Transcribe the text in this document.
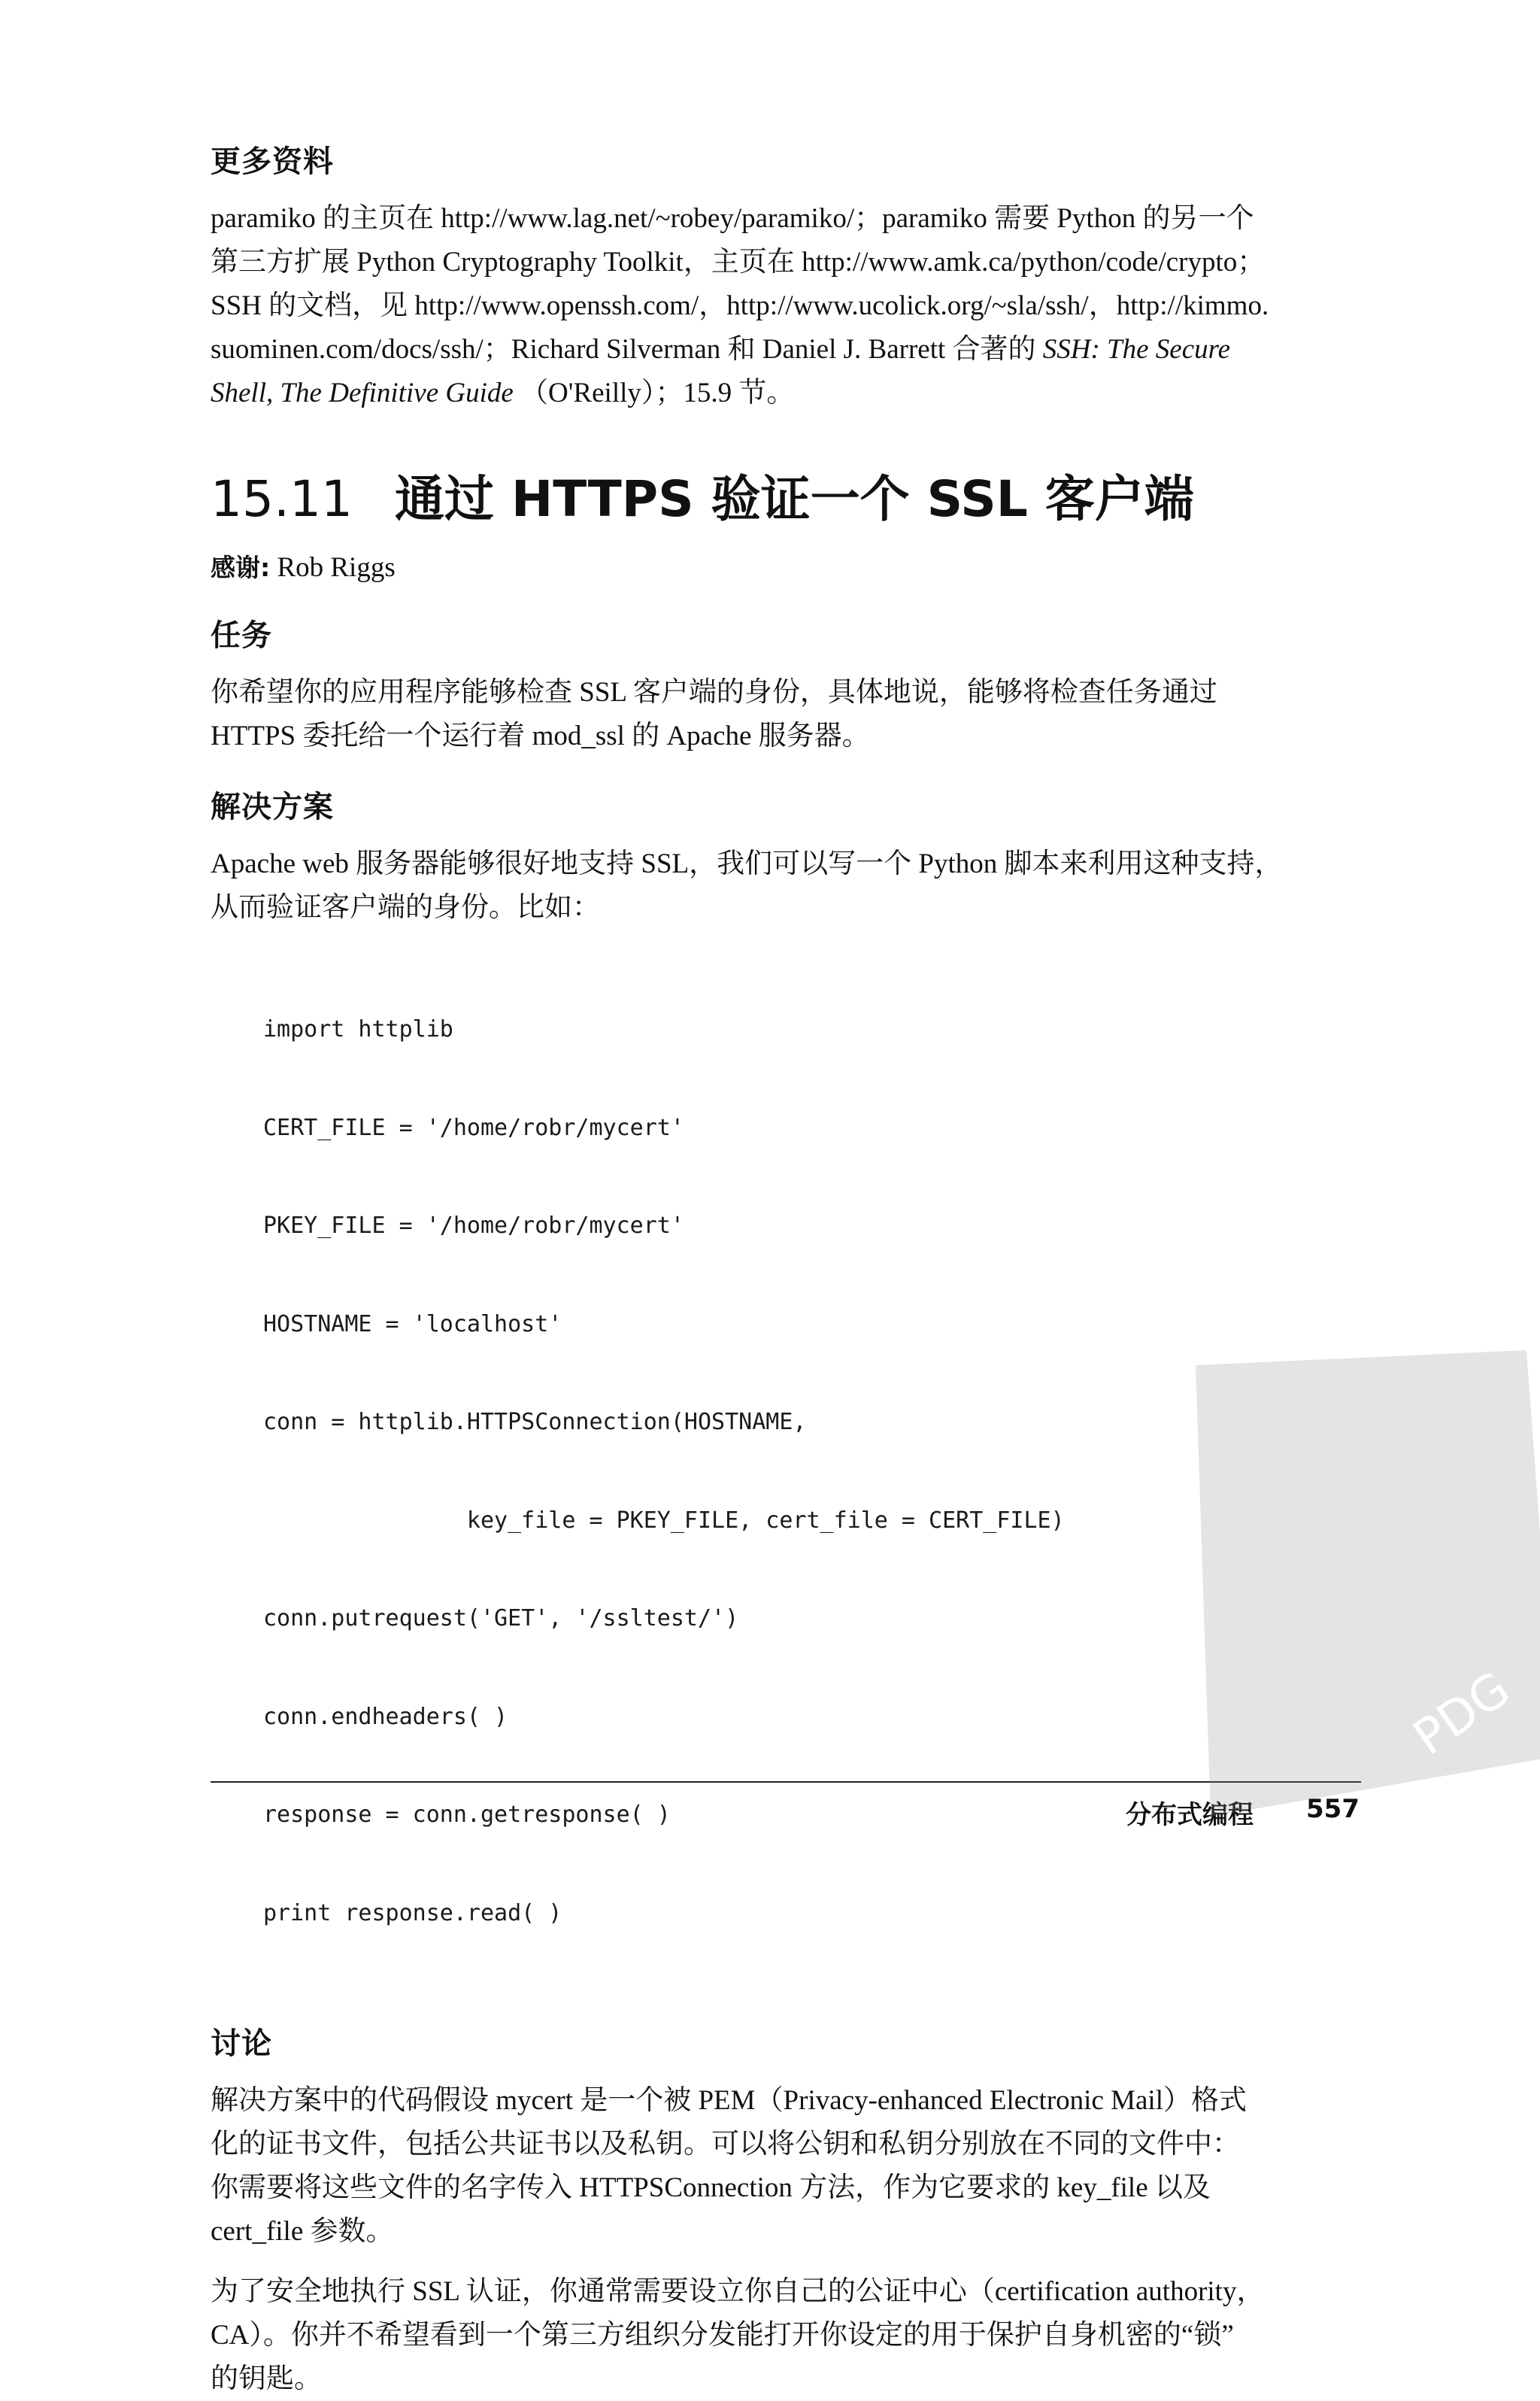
更多资料

paramiko 的主页在 http://www.lag.net/~robey/paramiko/；paramiko 需要 Python 的另一个
第三方扩展 Python Cryptography Toolkit，主页在 http://www.amk.ca/python/code/crypto；
SSH 的文档，见 http://www.openssh.com/，http://www.ucolick.org/~sla/ssh/，http://kimmo.
suominen.com/docs/ssh/；Richard Silverman 和 Daniel J. Barrett 合著的 SSH: The Secure
Shell, The Definitive Guide （O'Reilly）；15.9 节。

15.11 通过 HTTPS 验证一个 SSL 客户端

感谢: Rob Riggs

任务

你希望你的应用程序能够检查 SSL 客户端的身份，具体地说，能够将检查任务通过
HTTPS 委托给一个运行着 mod_ssl 的 Apache 服务器。

解决方案

Apache web 服务器能够很好地支持 SSL，我们可以写一个 Python 脚本来利用这种支持，
从而验证客户端的身份。比如：

import httplib

CERT_FILE = '/home/robr/mycert'

PKEY_FILE = '/home/robr/mycert'

HOSTNAME = 'localhost'

conn = httplib.HTTPSConnection(HOSTNAME,

key_file = PKEY_FILE, cert_file = CERT_FILE)

conn.putrequest('GET', '/ssltest/')

conn.endheaders( )

response = conn.getresponse( )

print response.read( )

讨论

解决方案中的代码假设 mycert 是一个被 PEM（Privacy-enhanced Electronic Mail）格式
化的证书文件，包括公共证书以及私钥。可以将公钥和私钥分别放在不同的文件中：
你需要将这些文件的名字传入 HTTPSConnection 方法，作为它要求的 key_file 以及
cert_file 参数。

为了安全地执行 SSL 认证，你通常需要设立你自己的公证中心（certification authority，
CA）。你并不希望看到一个第三方组织分发能打开你设定的用于保护自身机密的“锁”
的钥匙。

分布式编程 557
PDG
